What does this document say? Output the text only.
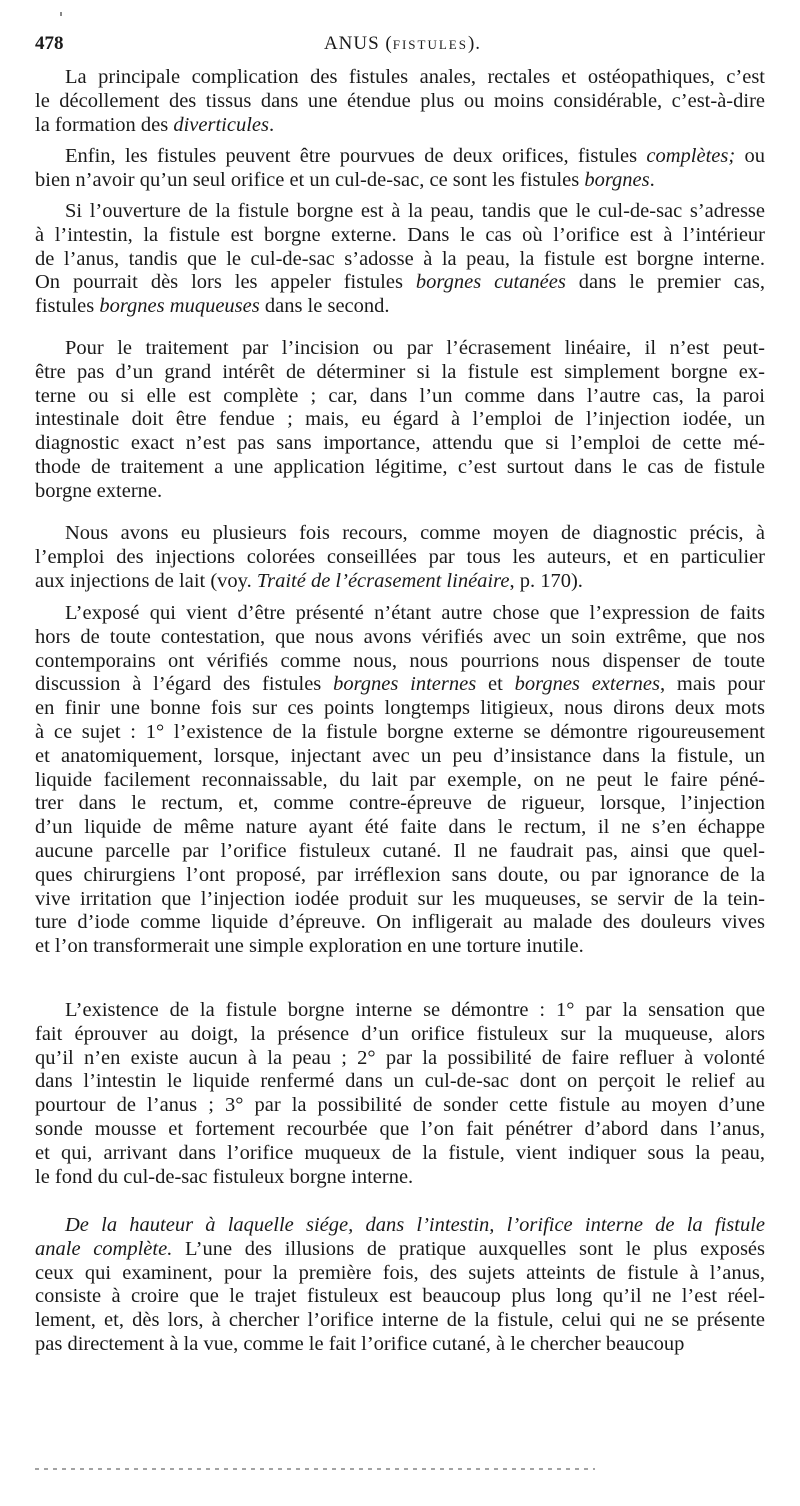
478	ANUS (FISTULES).
La principale complication des fistules anales, rectales et ostéopathiques, c’est
le décollement des tissus dans une étendue plus ou moins considérable, c’est-à-dire
la formation des diverticules.
Enfin, les fistules peuvent être pourvues de deux orifices, fistules complètes; ou
bien n’avoir qu’un seul orifice et un cul-de-sac, ce sont les fistules borgnes.
Si l’ouverture de la fistule borgne est à la peau, tandis que le cul-de-sac s’adresse
à l’intestin, la fistule est borgne externe. Dans le cas où l’orifice est à l’intérieur
de l’anus, tandis que le cul-de-sac s’adosse à la peau, la fistule est borgne interne.
On pourrait dès lors les appeler fistules borgnes cutanées dans le premier cas,
fistules borgnes muqueuses dans le second.
Pour le traitement par l’incision ou par l’écrasement linéaire, il n’est peut-
être pas d’un grand intérêt de déterminer si la fistule est simplement borgne ex-
terne ou si elle est complète ; car, dans l’un comme dans l’autre cas, la paroi
intestinale doit être fendue ; mais, eu égard à l’emploi de l’injection iodée, un
diagnostic exact n’est pas sans importance, attendu que si l’emploi de cette mé-
thode de traitement a une application légitime, c’est surtout dans le cas de fistule
borgne externe.
Nous avons eu plusieurs fois recours, comme moyen de diagnostic précis, à
l’emploi des injections colorées conseillées par tous les auteurs, et en particulier
aux injections de lait (voy. Traité de l’écrasement linéaire, p. 170).
L’exposé qui vient d’être présenté n’étant autre chose que l’expression de faits
hors de toute contestation, que nous avons vérifiés avec un soin extrême, que nos
contemporains ont vérifiés comme nous, nous pourrions nous dispenser de toute
discussion à l’égard des fistules borgnes internes et borgnes externes, mais pour
en finir une bonne fois sur ces points longtemps litigieux, nous dirons deux mots
à ce sujet : 1° l’existence de la fistule borgne externe se démontre rigoureusement
et anatomiquement, lorsque, injectant avec un peu d’insistance dans la fistule, un
liquide facilement reconnaissable, du lait par exemple, on ne peut le faire péné-
trer dans le rectum, et, comme contre-épreuve de rigueur, lorsque, l’injection
d’un liquide de même nature ayant été faite dans le rectum, il ne s’en échappe
aucune parcelle par l’orifice fistuleux cutané. Il ne faudrait pas, ainsi que quel-
ques chirurgiens l’ont proposé, par irréflexion sans doute, ou par ignorance de la
vive irritation que l’injection iodée produit sur les muqueuses, se servir de la tein-
ture d’iode comme liquide d’épreuve. On infligerait au malade des douleurs vives
et l’on transformerait une simple exploration en une torture inutile.
L’existence de la fistule borgne interne se démontre : 1° par la sensation que
fait éprouver au doigt, la présence d’un orifice fistuleux sur la muqueuse, alors
qu’il n’en existe aucun à la peau ; 2° par la possibilité de faire refluer à volonté
dans l’intestin le liquide renfermé dans un cul-de-sac dont on perçoit le relief au
pourtour de l’anus ; 3° par la possibilité de sonder cette fistule au moyen d’une
sonde mousse et fortement recourbée que l’on fait pénétrer d’abord dans l’anus,
et qui, arrivant dans l’orifice muqueux de la fistule, vient indiquer sous la peau,
le fond du cul-de-sac fistuleux borgne interne.
De la hauteur à laquelle siége, dans l’intestin, l’orifice interne de la fistule
anale complète. L’une des illusions de pratique auxquelles sont le plus exposés
ceux qui examinent, pour la première fois, des sujets atteints de fistule à l’anus,
consiste à croire que le trajet fistuleux est beaucoup plus long qu’il ne l’est réel-
lement, et, dès lors, à chercher l’orifice interne de la fistule, celui qui ne se présente
pas directement à la vue, comme le fait l’orifice cutané, à le chercher beaucoup
